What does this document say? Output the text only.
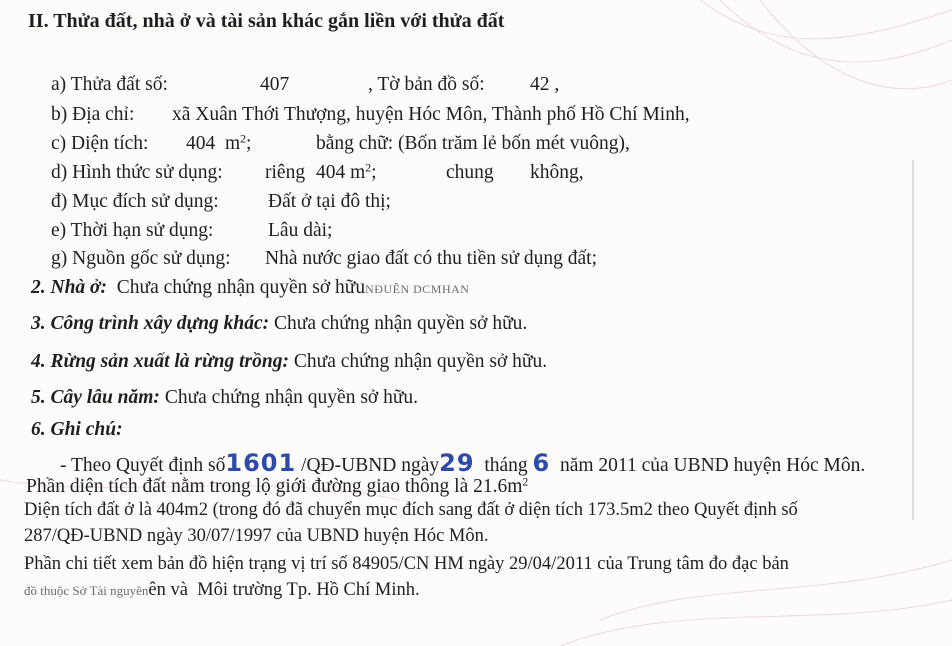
II. Thửa đất, nhà ở và tài sản khác gắn liền với thửa đất
a) Thửa đất số:	407	, Tờ bản đồ số: 42 ,
b) Địa chỉ: xã Xuân Thới Thượng, huyện Hóc Môn, Thành phố Hồ Chí Minh,
c) Diện tích: 404 $m^2$;	bằng chữ: (Bốn trăm lẻ bốn mét vuông),
d) Hình thức sử dụng: riêng 404 $m^2$;	chung không,
đ) Mục đích sử dụng:	Đất ở tại đô thị;
e) Thời hạn sử dụng:	Lâu dài;
g) Nguồn gốc sử dụng: Nhà nước giao đất có thu tiền sử dụng đất;
2. Nhà ở: Chưa chứng nhận quyền sở hữuNĐUÊN DCMHAN
3. Công trình xây dựng khác: Chưa chứng nhận quyền sở hữu.
4. Rừng sản xuất là rừng trồng: Chưa chứng nhận quyền sở hữu.
5. Cây lâu năm: Chưa chứng nhận quyền sở hữu.
6. Ghi chú:
- Theo Quyết định số1601 /QĐ-UBND ngày29 tháng 6 năm 2011 của UBND huyện Hóc Môn.
Phần diện tích đất nằm trong lộ giới đường giao thông là $21.6m^2$
Diện tích đất ở là 404m2 (trong đó đã chuyển mục đích sang đất ở diện tích 173.5m2 theo Quyết định số
287/QĐ-UBND ngày 30/07/1997 của UBND huyện Hóc Môn.
Phần chi tiết xem bản đồ hiện trạng vị trí số 84905/CN HM ngày 29/04/2011 của Trung tâm đo đạc bản
đồ thuộc Sở Tài nguyênên và  Môi trường Tp. Hồ Chí Minh.
